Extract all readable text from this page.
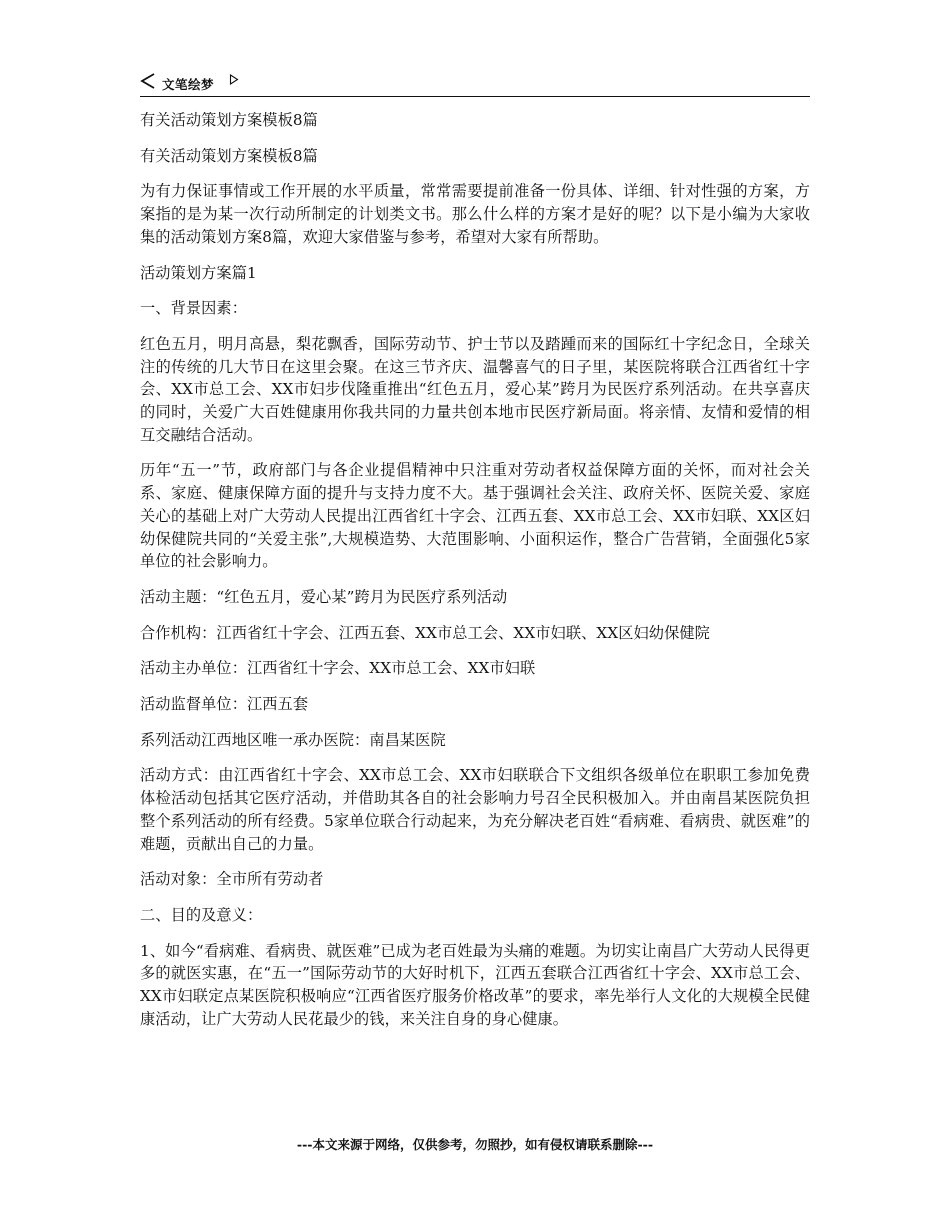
文笔绘梦

有关活动策划方案模板8篇

有关活动策划方案模板8篇

为有力保证事情或工作开展的水平质量，常常需要提前准备一份具体、详细、针对性强的方案，方案指的是为某一次行动所制定的计划类文书。那么什么样的方案才是好的呢？以下是小编为大家收集的活动策划方案8篇，欢迎大家借鉴与参考，希望对大家有所帮助。

活动策划方案篇1

一、背景因素：

红色五月，明月高悬，梨花飘香，国际劳动节、护士节以及踏踵而来的国际红十字纪念日，全球关注的传统的几大节日在这里会聚。在这三节齐庆、温馨喜气的日子里，某医院将联合江西省红十字会、XX市总工会、XX市妇步伐隆重推出“红色五月，爱心某”跨月为民医疗系列活动。在共享喜庆的同时，关爱广大百姓健康用你我共同的力量共创本地市民医疗新局面。将亲情、友情和爱情的相互交融结合活动。

历年“五一”节，政府部门与各企业提倡精神中只注重对劳动者权益保障方面的关怀，而对社会关系、家庭、健康保障方面的提升与支持力度不大。基于强调社会关注、政府关怀、医院关爱、家庭关心的基础上对广大劳动人民提出江西省红十字会、江西五套、XX市总工会、XX市妇联、XX区妇幼保健院共同的“关爱主张”,大规模造势、大范围影响、小面积运作，整合广告营销，全面强化5家单位的社会影响力。

活动主题：“红色五月，爱心某”跨月为民医疗系列活动

合作机构：江西省红十字会、江西五套、XX市总工会、XX市妇联、XX区妇幼保健院

活动主办单位：江西省红十字会、XX市总工会、XX市妇联

活动监督单位：江西五套

系列活动江西地区唯一承办医院：南昌某医院

活动方式：由江西省红十字会、XX市总工会、XX市妇联联合下文组织各级单位在职职工参加免费体检活动包括其它医疗活动，并借助其各自的社会影响力号召全民积极加入。并由南昌某医院负担整个系列活动的所有经费。5家单位联合行动起来，为充分解决老百姓“看病难、看病贵、就医难”的难题，贡献出自己的力量。

活动对象：全市所有劳动者

二、目的及意义：

1、如今“看病难、看病贵、就医难”已成为老百姓最为头痛的难题。为切实让南昌广大劳动人民得更多的就医实惠，在“五一”国际劳动节的大好时机下，江西五套联合江西省红十字会、XX市总工会、XX市妇联定点某医院积极响应“江西省医疗服务价格改革”的要求，率先举行人文化的大规模全民健康活动，让广大劳动人民花最少的钱，来关注自身的身心健康。

---本文来源于网络，仅供参考，勿照抄，如有侵权请联系删除---
